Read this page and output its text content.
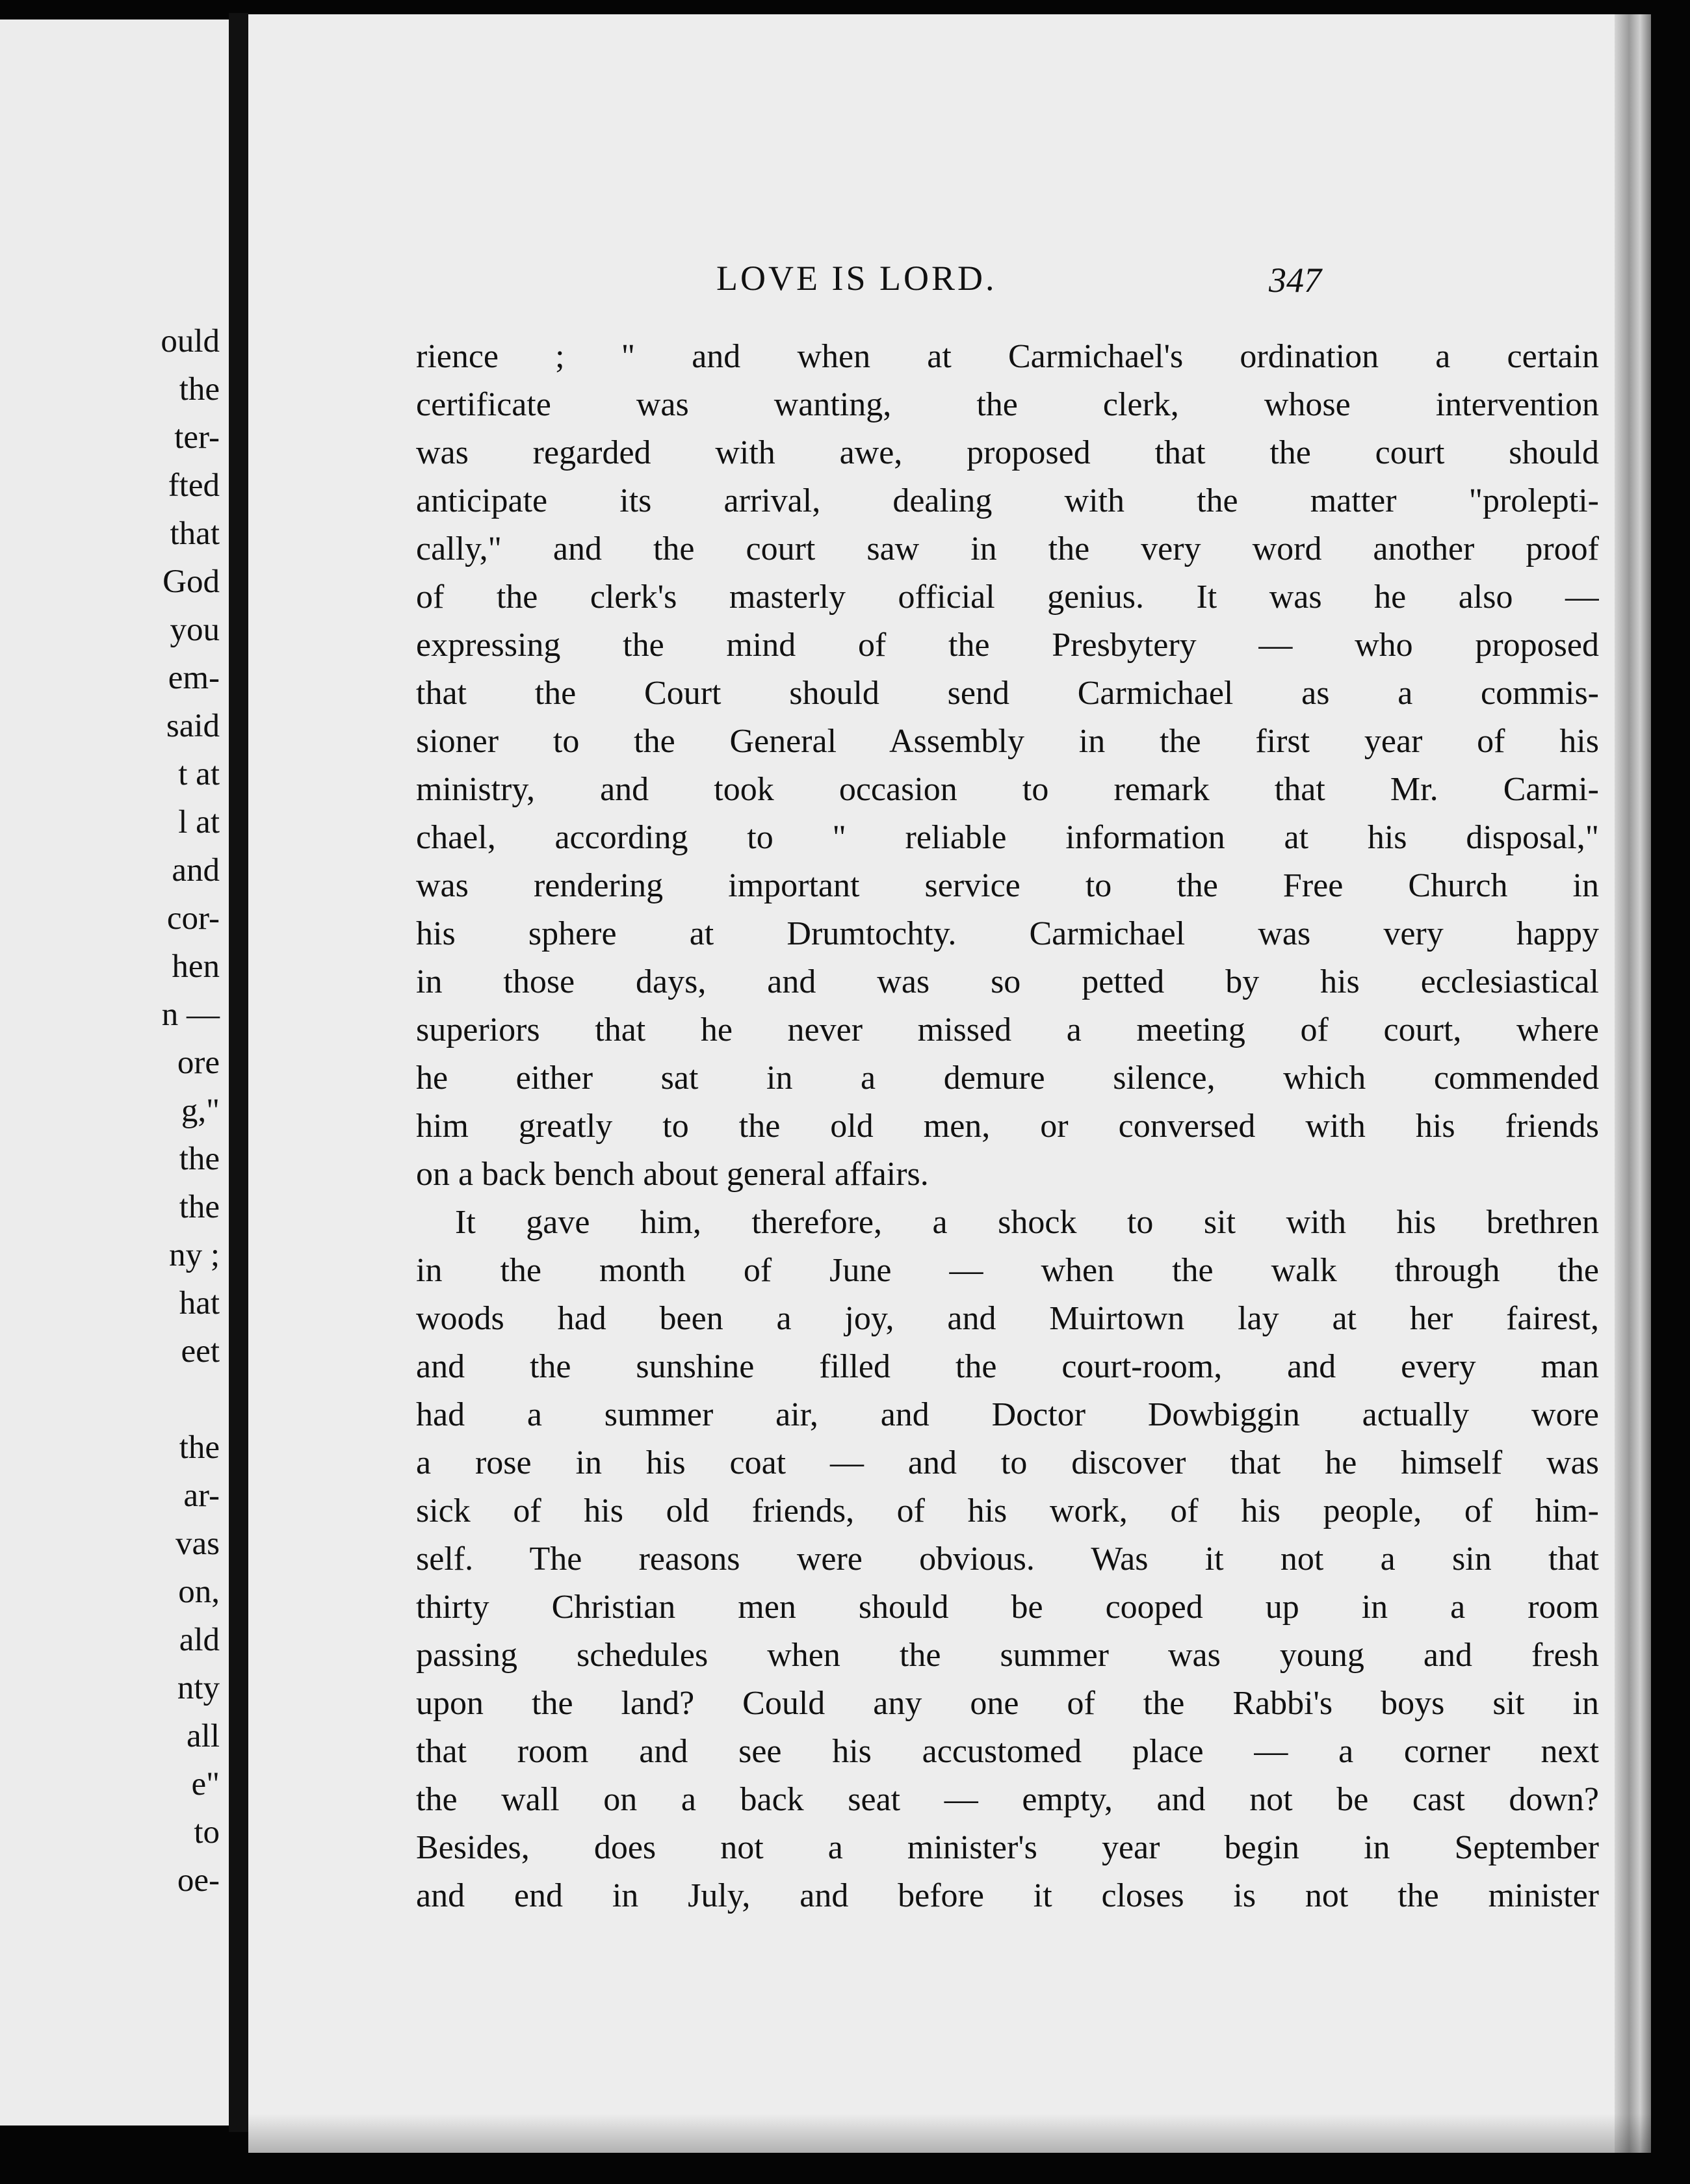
ould
the
ter-
fted
that
God
you
em-
said
t at
l at
and
cor-
hen
n —
ore
g,"
the
the
ny ;
hat
eet
the
ar-
vas
on,
ald
nty
all
e"
to
oe-
LOVE IS LORD.	347
rience ; " and when at Carmichael's ordination a certain
certificate was wanting, the clerk, whose intervention
was regarded with awe, proposed that the court should
anticipate its arrival, dealing with the matter "prolepti-
cally," and the court saw in the very word another proof
of the clerk's masterly official genius. It was he also —
expressing the mind of the Presbytery — who proposed
that the Court should send Carmichael as a commis-
sioner to the General Assembly in the first year of his
ministry, and took occasion to remark that Mr. Carmi-
chael, according to " reliable information at his disposal,"
was rendering important service to the Free Church in
his sphere at Drumtochty. Carmichael was very happy
in those days, and was so petted by his ecclesiastical
superiors that he never missed a meeting of court, where
he either sat in a demure silence, which commended
him greatly to the old men, or conversed with his friends
on a back bench about general affairs.
It gave him, therefore, a shock to sit with his brethren
in the month of June — when the walk through the
woods had been a joy, and Muirtown lay at her fairest,
and the sunshine filled the court-room, and every man
had a summer air, and Doctor Dowbiggin actually wore
a rose in his coat — and to discover that he himself was
sick of his old friends, of his work, of his people, of him-
self. The reasons were obvious. Was it not a sin that
thirty Christian men should be cooped up in a room
passing schedules when the summer was young and fresh
upon the land? Could any one of the Rabbi's boys sit in
that room and see his accustomed place — a corner next
the wall on a back seat — empty, and not be cast down?
Besides, does not a minister's year begin in September
and end in July, and before it closes is not the minister
